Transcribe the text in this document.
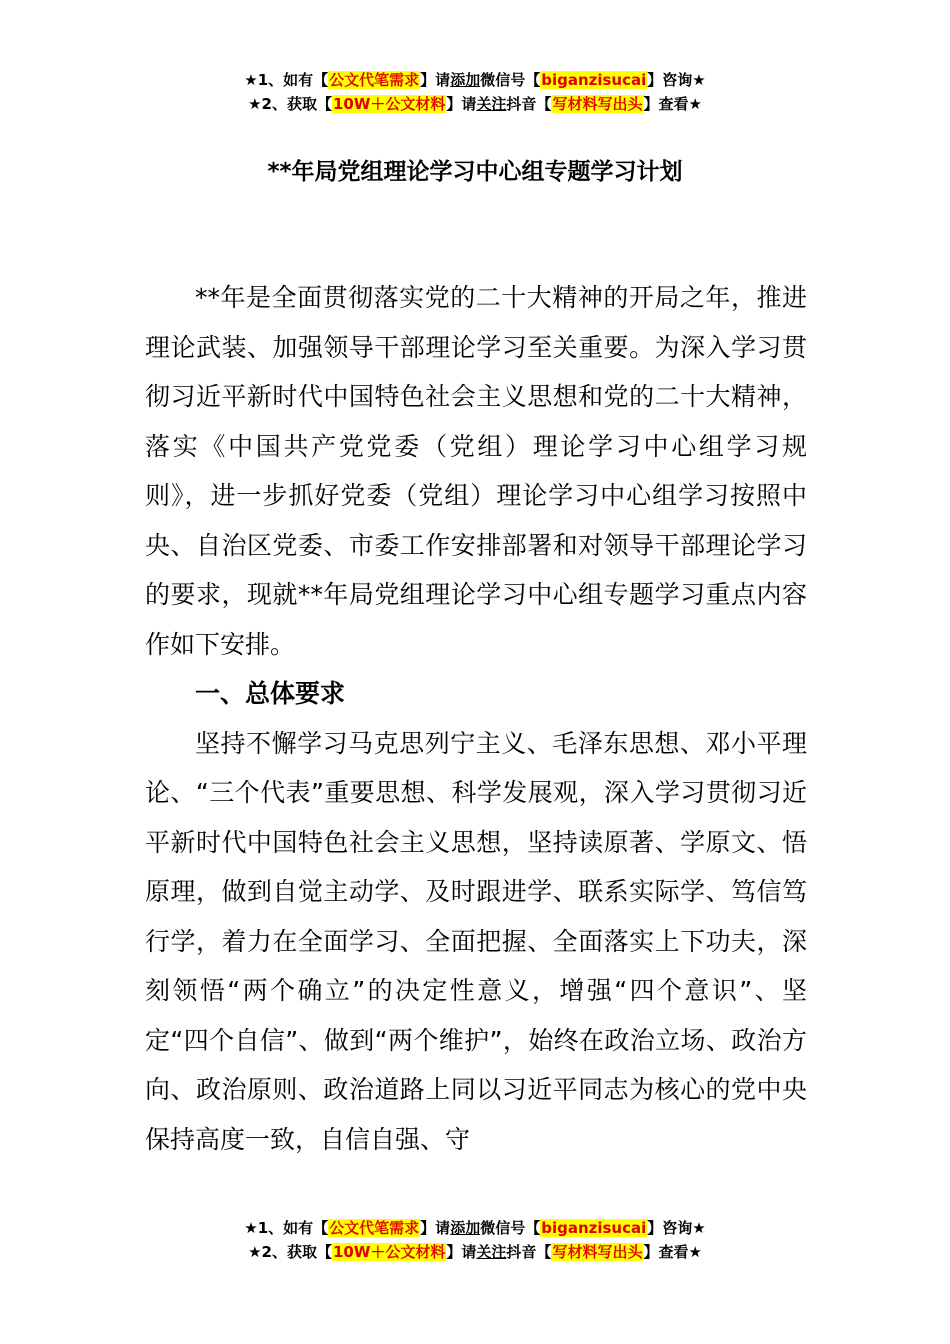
★1、如有【公文代笔需求】请添加微信号【biganzisucai】咨询★
★2、获取【10W＋公文材料】请关注抖音【写材料写出头】查看★
**年局党组理论学习中心组专题学习计划

**年是全面贯彻落实党的二十大精神的开局之年，推进理论武装、加强领导干部理论学习至关重要。为深入学习贯彻习近平新时代中国特色社会主义思想和党的二十大精神，落实《中国共产党党委（党组）理论学习中心组学习规则》，进一步抓好党委（党组）理论学习中心组学习按照中央、自治区党委、市委工作安排部署和对领导干部理论学习的要求，现就**年局党组理论学习中心组专题学习重点内容作如下安排。

一、总体要求

坚持不懈学习马克思列宁主义、毛泽东思想、邓小平理论、“三个代表”重要思想、科学发展观，深入学习贯彻习近平新时代中国特色社会主义思想，坚持读原著、学原文、悟原理，做到自觉主动学、及时跟进学、联系实际学、笃信笃行学，着力在全面学习、全面把握、全面落实上下功夫，深刻领悟“两个确立”的决定性意义，增强“四个意识”、坚定“四个自信”、做到“两个维护”，始终在政治立场、政治方向、政治原则、政治道路上同以习近平同志为核心的党中央保持高度一致，自信自强、守

★1、如有【公文代笔需求】请添加微信号【biganzisucai】咨询★
★2、获取【10W＋公文材料】请关注抖音【写材料写出头】查看★
